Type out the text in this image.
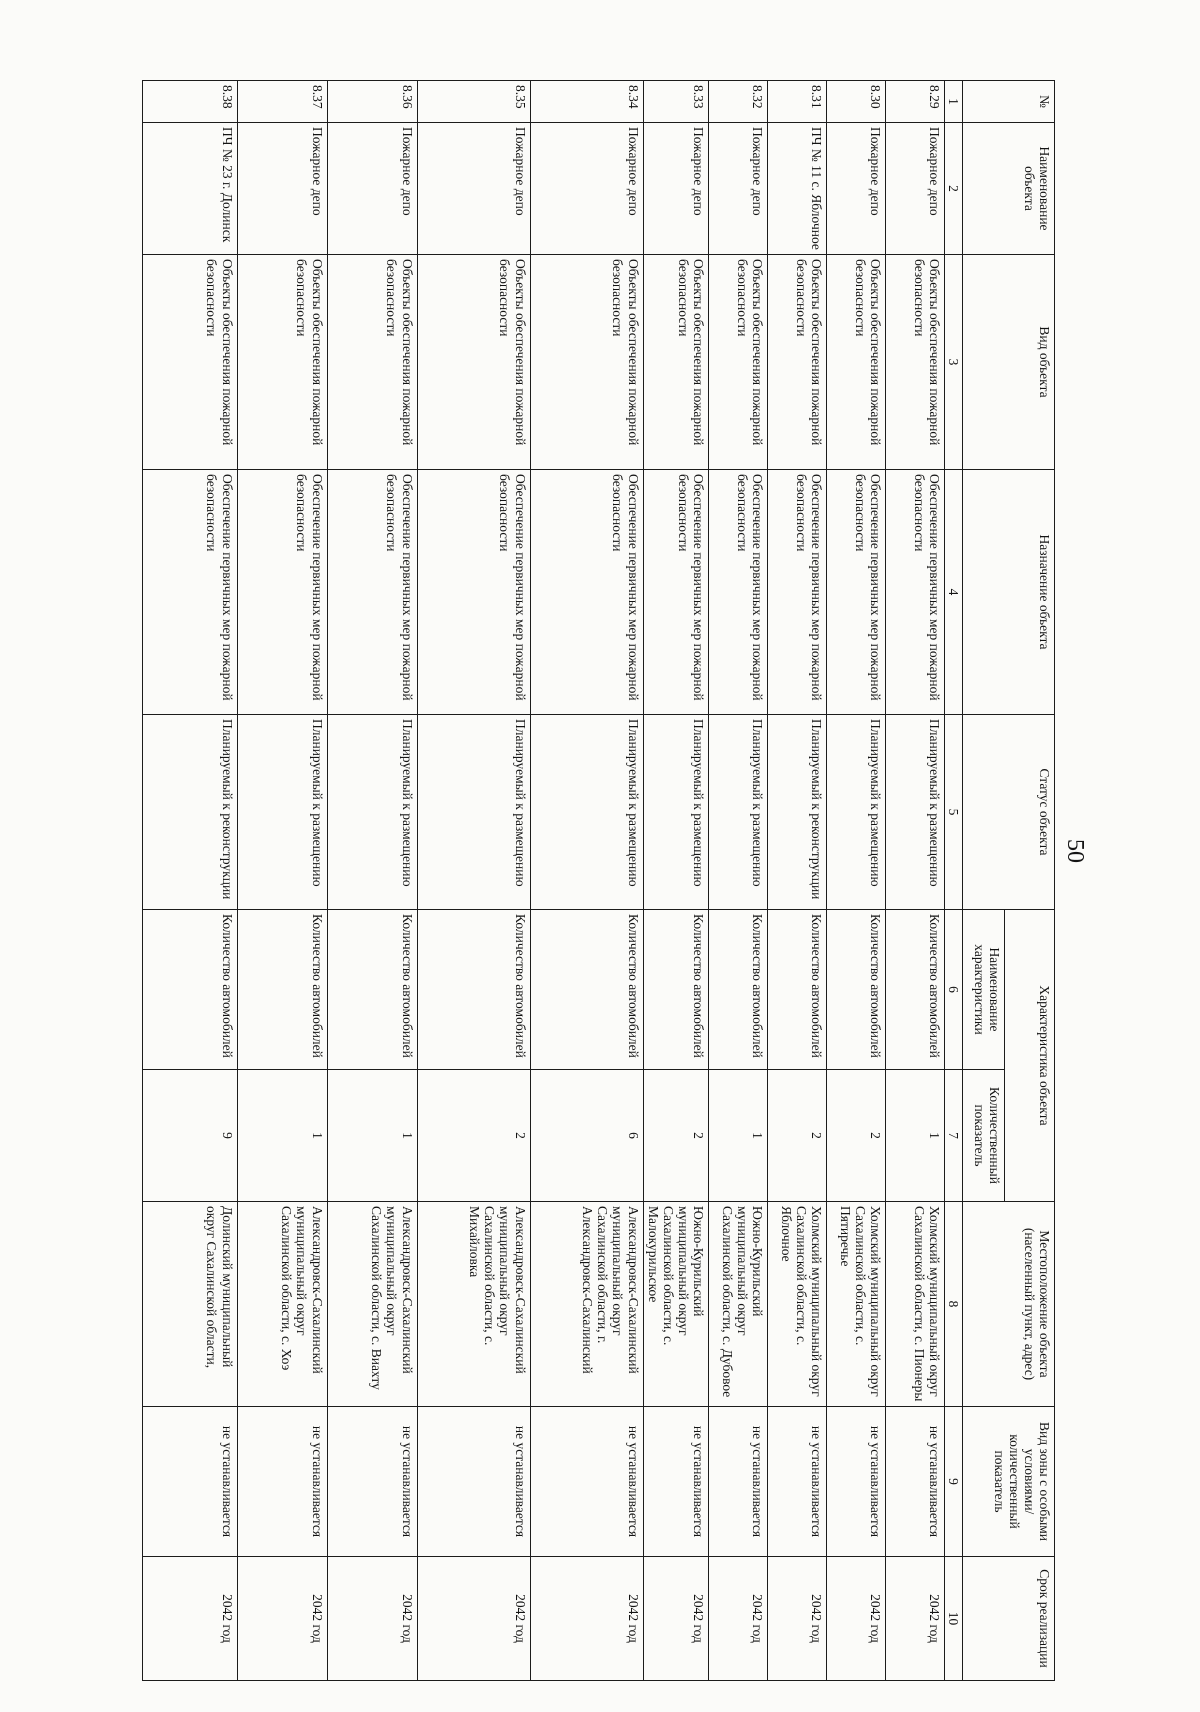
50
№	Наименование объекта	Вид объекта	Назначение объекта	Статус объекта	Характеристика объекта		Местоположение объекта (населенный пункт, адрес)	Вид зоны с особыми условиями/ количественный показатель	Срок реализации
					Наименование характеристики	Количественный показатель			
1	2	3	4	5	6	7	8	9	10
8.29	Пожарное депо	Объекты обеспечения пожарной безопасности	Обеспечение первичных мер пожарной безопасности	Планируемый к размещению	Количество автомобилей	1	Холмский муниципальный округ Сахалинской области, с. Пионеры	не устанавливается	2042 год
8.30	Пожарное депо	Объекты обеспечения пожарной безопасности	Обеспечение первичных мер пожарной безопасности	Планируемый к размещению	Количество автомобилей	2	Холмский муниципальный округ Сахалинской области, с. Пятиречье	не устанавливается	2042 год
8.31	ПЧ № 11 с. Яблочное	Объекты обеспечения пожарной безопасности	Обеспечение первичных мер пожарной безопасности	Планируемый к реконструкции	Количество автомобилей	2	Холмский муниципальный округ Сахалинской области, с. Яблочное	не устанавливается	2042 год
8.32	Пожарное депо	Объекты обеспечения пожарной безопасности	Обеспечение первичных мер пожарной безопасности	Планируемый к размещению	Количество автомобилей	1	Южно-Курильский муниципальный округ Сахалинской области, с. Дубовое	не устанавливается	2042 год
8.33	Пожарное депо	Объекты обеспечения пожарной безопасности	Обеспечение первичных мер пожарной безопасности	Планируемый к размещению	Количество автомобилей	2	Южно-Курильский муниципальный округ Сахалинской области, с. Малокурильское	не устанавливается	2042 год
8.34	Пожарное депо	Объекты обеспечения пожарной безопасности	Обеспечение первичных мер пожарной безопасности	Планируемый к размещению	Количество автомобилей	6	Александровск-Сахалинский муниципальный округ Сахалинской области, г. Александровск-Сахалинский	не устанавливается	2042 год
8.35	Пожарное депо	Объекты обеспечения пожарной безопасности	Обеспечение первичных мер пожарной безопасности	Планируемый к размещению	Количество автомобилей	2	Александровск-Сахалинский муниципальный округ Сахалинской области, с. Михайловка	не устанавливается	2042 год
8.36	Пожарное депо	Объекты обеспечения пожарной безопасности	Обеспечение первичных мер пожарной безопасности	Планируемый к размещению	Количество автомобилей	1	Александровск-Сахалинский муниципальный округ Сахалинской области, с. Виахту	не устанавливается	2042 год
8.37	Пожарное депо	Объекты обеспечения пожарной безопасности	Обеспечение первичных мер пожарной безопасности	Планируемый к размещению	Количество автомобилей	1	Александровск-Сахалинский муниципальный округ Сахалинской области, с. Хоэ	не устанавливается	2042 год
8.38	ПЧ № 23 г. Долинск	Объекты обеспечения пожарной безопасности	Обеспечение первичных мер пожарной безопасности	Планируемый к реконструкции	Количество автомобилей	9	Долинский муниципальный округ Сахалинской области,	не устанавливается	2042 год
